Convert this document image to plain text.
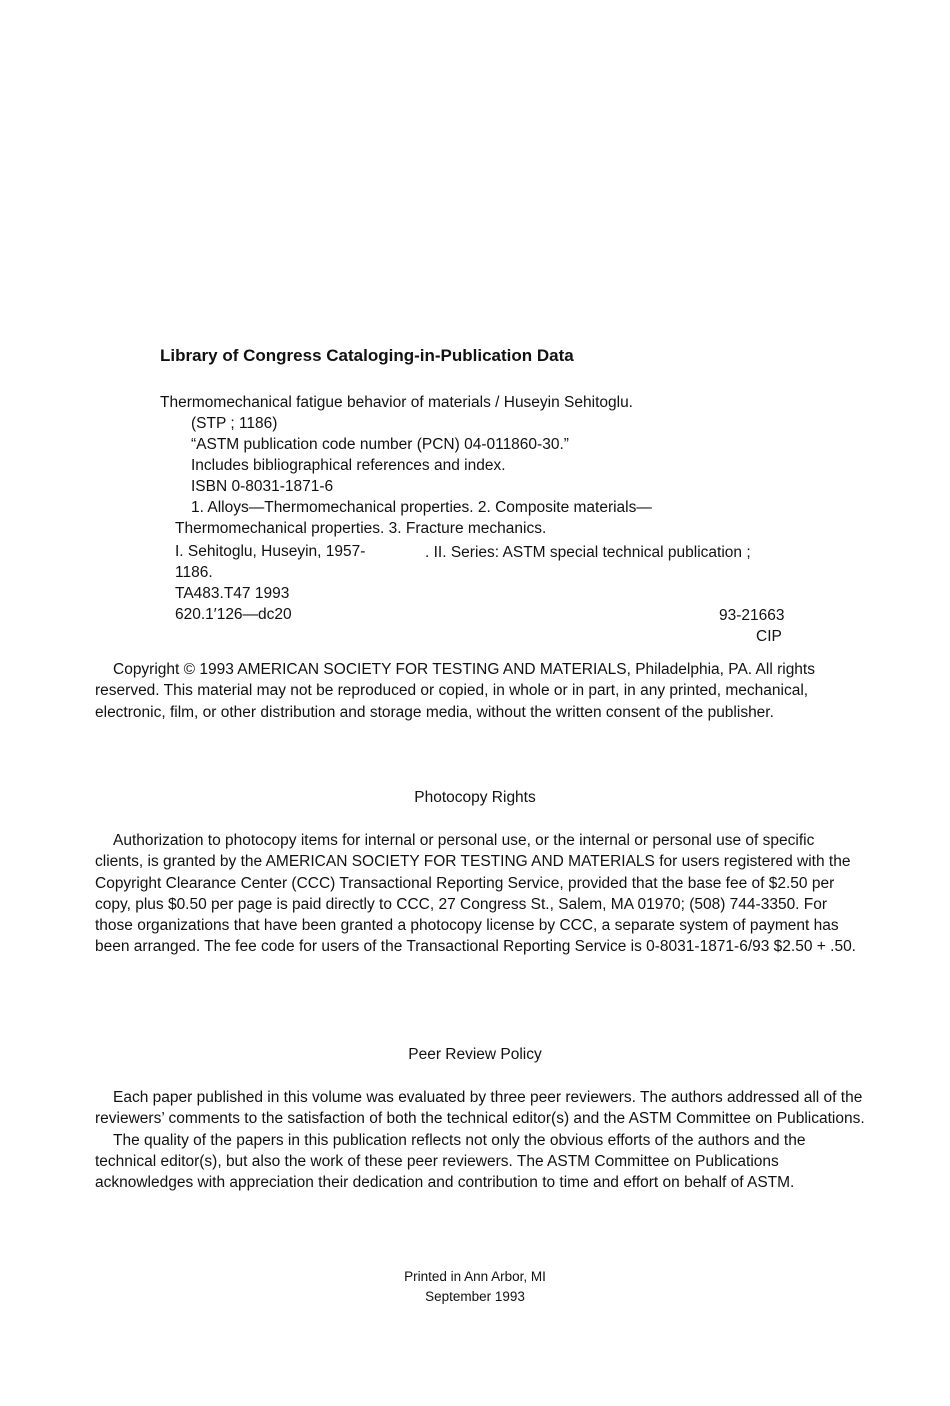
Library of Congress Cataloging-in-Publication Data
Thermomechanical fatigue behavior of materials / Huseyin Sehitoglu.
(STP ; 1186)
“ASTM publication code number (PCN) 04-011860-30.”
Includes bibliographical references and index.
ISBN 0-8031-1871-6
1. Alloys—Thermomechanical properties. 2. Composite materials—
Thermomechanical properties. 3. Fracture mechanics.
I. Sehitoglu, Huseyin, 1957-	. II. Series: ASTM special technical publication ;
1186.
TA483.T47 1993
620.1′126—dc20	93-21663
CIP

Copyright © 1993 AMERICAN SOCIETY FOR TESTING AND MATERIALS, Philadelphia, PA. All rights reserved. This material may not be reproduced or copied, in whole or in part, in any printed, mechanical, electronic, film, or other distribution and storage media, without the written consent of the publisher.

Photocopy Rights

Authorization to photocopy items for internal or personal use, or the internal or personal use of specific clients, is granted by the AMERICAN SOCIETY FOR TESTING AND MATERIALS for users registered with the Copyright Clearance Center (CCC) Transactional Reporting Service, provided that the base fee of $2.50 per copy, plus $0.50 per page is paid directly to CCC, 27 Congress St., Salem, MA 01970; (508) 744-3350. For those organizations that have been granted a photocopy license by CCC, a separate system of payment has been arranged. The fee code for users of the Transactional Reporting Service is 0-8031-1871-6/93 $2.50 + .50.

Peer Review Policy

Each paper published in this volume was evaluated by three peer reviewers. The authors addressed all of the reviewers’ comments to the satisfaction of both the technical editor(s) and the ASTM Committee on Publications.

The quality of the papers in this publication reflects not only the obvious efforts of the authors and the technical editor(s), but also the work of these peer reviewers. The ASTM Committee on Publications acknowledges with appreciation their dedication and contribution to time and effort on behalf of ASTM.

Printed in Ann Arbor, MI
September 1993
